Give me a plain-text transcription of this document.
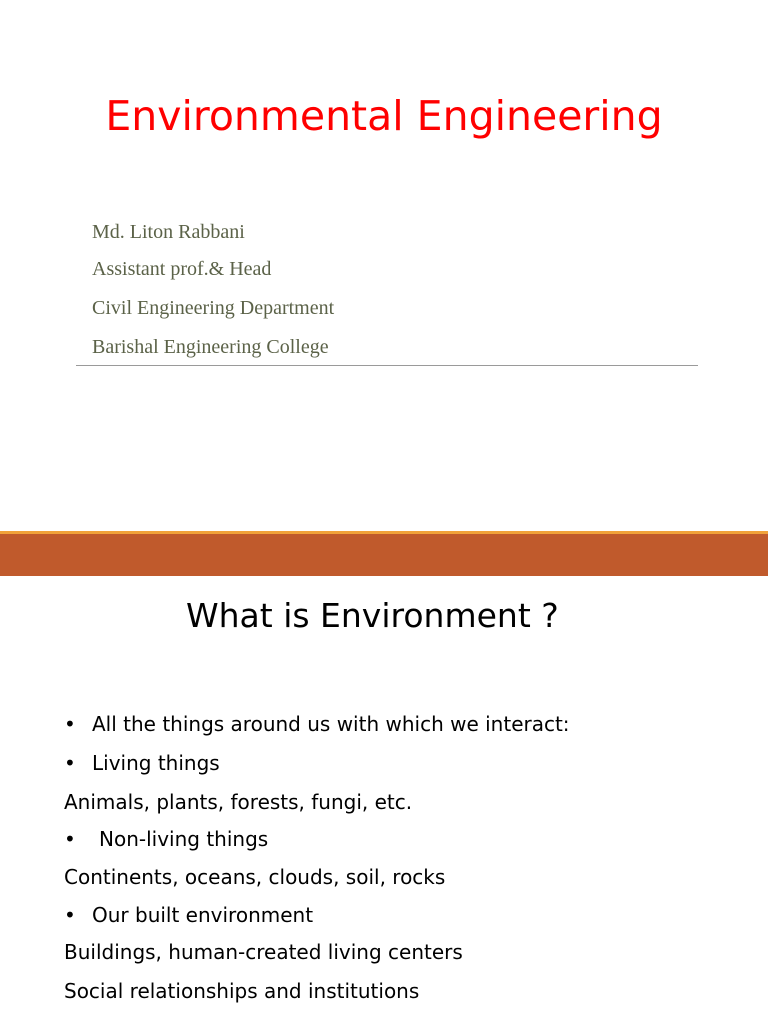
Environmental Engineering
Md. Liton Rabbani
Assistant prof.& Head
Civil Engineering Department
Barishal Engineering College
What is Environment ?
• All the things around us with which we interact:
• Living things
Animals, plants, forests, fungi, etc.
• Non-living things
Continents, oceans, clouds, soil, rocks
• Our built environment
Buildings, human-created living centers
Social relationships and institutions
